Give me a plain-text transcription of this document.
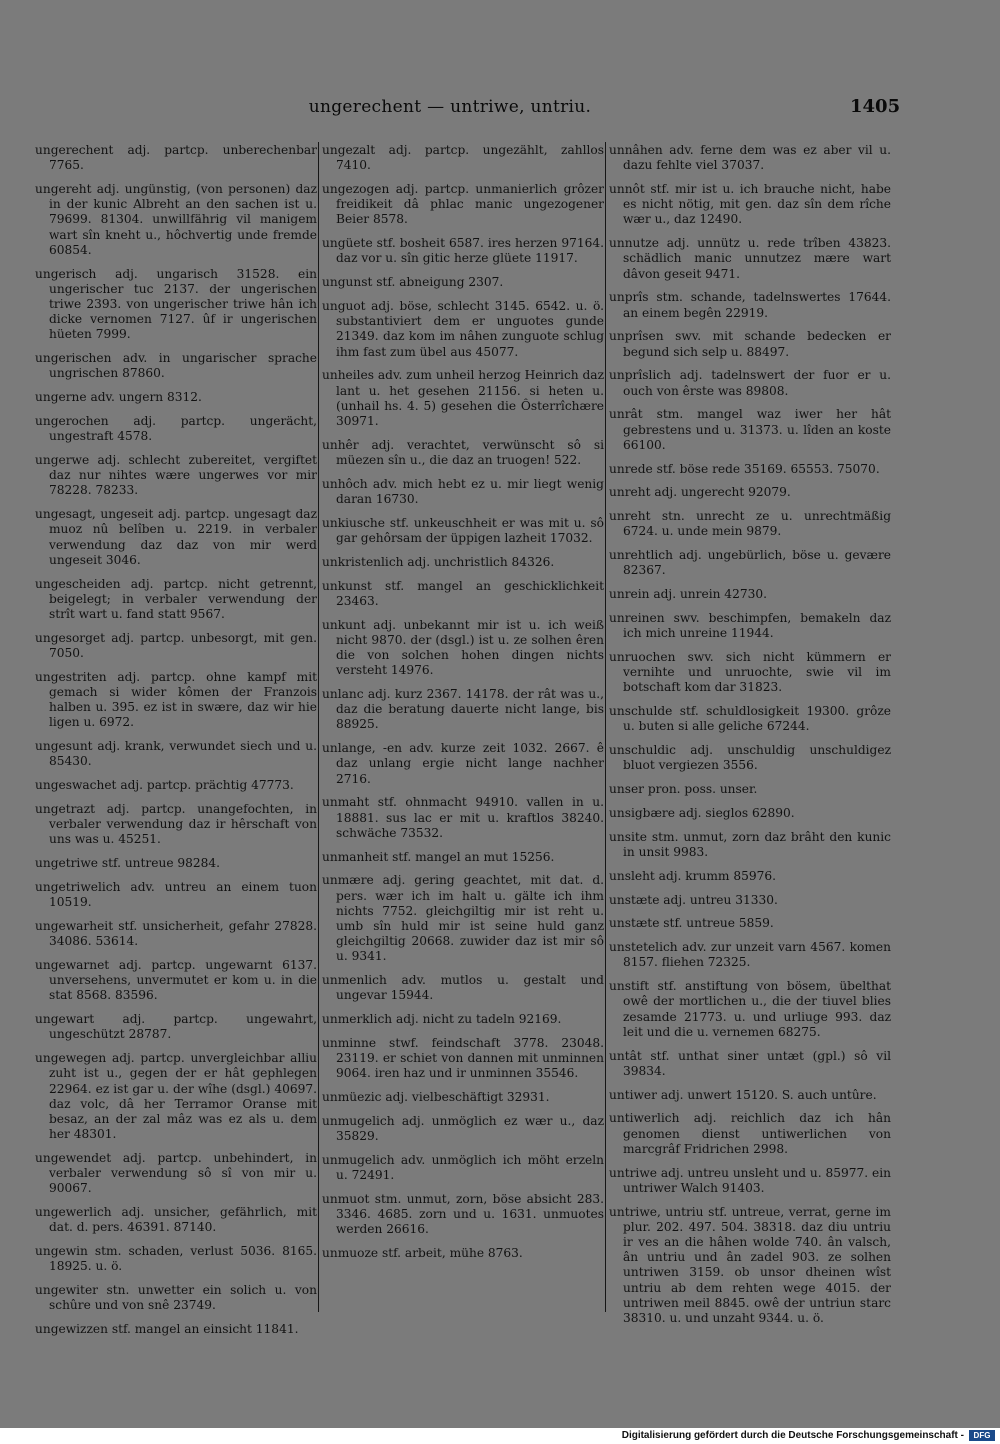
ungerechent — untriwe, untriu.	1405
ungerechent adj. partcp. unberechenbar 7765.
ungereht adj. ungünstig, (von personen) daz in der kunic Albreht an den sachen ist u. 79699. 81304. unwillfährig vil manigem wart sîn kneht u., hôchvertig unde fremde 60854.
ungerisch adj. ungarisch 31528. ein ungerischer tuc 2137. der ungerischen triwe 2393. von ungerischer triwe hân ich dicke vernomen 7127. ûf ir ungerischen hüeten 7999.
ungerischen adv. in ungarischer sprache ungrischen 87860.
ungerne adv. ungern 8312.
ungerochen adj. partcp. ungerächt, ungestraft 4578.
ungerwe adj. schlecht zubereitet, vergiftet daz nur nihtes wære ungerwes vor mir 78228. 78233.
ungesagt, ungeseit adj. partcp. ungesagt daz muoz nû belîben u. 2219. in verbaler verwendung daz daz von mir werd ungeseit 3046.
ungescheiden adj. partcp. nicht getrennt, beigelegt; in verbaler verwendung der strît wart u. fand statt 9567.
ungesorget adj. partcp. unbesorgt, mit gen. 7050.
ungestriten adj. partcp. ohne kampf mit gemach si wider kômen der Franzois halben u. 395. ez ist in swære, daz wir hie ligen u. 6972.
ungesunt adj. krank, verwundet siech und u. 85430.
ungeswachet adj. partcp. prächtig 47773.
ungetrazt adj. partcp. unangefochten, in verbaler verwendung daz ir hêrschaft von uns was u. 45251.
ungetriwe stf. untreue 98284.
ungetriwelich adv. untreu an einem tuon 10519.
ungewarheit stf. unsicherheit, gefahr 27828. 34086. 53614.
ungewarnet adj. partcp. ungewarnt 6137. unversehens, unvermutet er kom u. in die stat 8568. 83596.
ungewart adj. partcp. ungewahrt, ungeschützt 28787.
ungewegen adj. partcp. unvergleichbar alliu zuht ist u., gegen der er hât gephlegen 22964. ez ist gar u. der wîhe (dsgl.) 40697. daz volc, dâ her Terramor Oranse mit besaz, an der zal mâz was ez als u. dem her 48301.
ungewendet adj. partcp. unbehindert, in verbaler verwendung sô sî von mir u. 90067.
ungewerlich adj. unsicher, gefährlich, mit dat. d. pers. 46391. 87140.
ungewin stm. schaden, verlust 5036. 8165. 18925. u. ö.
ungewiter stn. unwetter ein solich u. von schûre und von snê 23749.
ungewizzen stf. mangel an einsicht 11841.
ungezalt adj. partcp. ungezählt, zahllos 7410.
ungezogen adj. partcp. unmanierlich grôzer freidikeit dâ phlac manic ungezogener Beier 8578.
ungüete stf. bosheit 6587. ires herzen 97164. daz vor u. sîn gitic herze glüete 11917.
ungunst stf. abneigung 2307.
unguot adj. böse, schlecht 3145. 6542. u. ö. substantiviert dem er unguotes gunde 21349. daz kom im nâhen zunguote schlug ihm fast zum übel aus 45077.
unheiles adv. zum unheil herzog Heinrich daz lant u. het gesehen 21156. si heten u. (unhail hs. 4. 5) gesehen die Ôsterrîchære 30971.
unhêr adj. verachtet, verwünscht sô si müezen sîn u., die daz an truogen! 522.
unhôch adv. mich hebt ez u. mir liegt wenig daran 16730.
unkiusche stf. unkeuschheit er was mit u. sô gar gehôrsam der üppigen lazheit 17032.
unkristenlich adj. unchristlich 84326.
unkunst stf. mangel an geschicklichkeit 23463.
unkunt adj. unbekannt mir ist u. ich weiß nicht 9870. der (dsgl.) ist u. ze solhen êren die von solchen hohen dingen nichts versteht 14976.
unlanc adj. kurz 2367. 14178. der rât was u., daz die beratung dauerte nicht lange, bis 88925.
unlange, -en adv. kurze zeit 1032. 2667. ê daz unlang ergie nicht lange nachher 2716.
unmaht stf. ohnmacht 94910. vallen in u. 18881. sus lac er mit u. kraftlos 38240. schwäche 73532.
unmanheit stf. mangel an mut 15256.
unmære adj. gering geachtet, mit dat. d. pers. wær ich im halt u. gälte ich ihm nichts 7752. gleichgiltig mir ist reht u. umb sîn huld mir ist seine huld ganz gleichgiltig 20668. zuwider daz ist mir sô u. 9341.
unmenlich adv. mutlos u. gestalt und ungevar 15944.
unmerklich adj. nicht zu tadeln 92169.
unminne stwf. feindschaft 3778. 23048. 23119. er schiet von dannen mit unminnen 9064. iren haz und ir unminnen 35546.
unmüezic adj. vielbeschäftigt 32931.
unmugelich adj. unmöglich ez wær u., daz 35829.
unmugelich adv. unmöglich ich möht erzeln u. 72491.
unmuot stm. unmut, zorn, böse absicht 283. 3346. 4685. zorn und u. 1631. unmuotes werden 26616.
unmuoze stf. arbeit, mühe 8763.
unnâhen adv. ferne dem was ez aber vil u. dazu fehlte viel 37037.
unnôt stf. mir ist u. ich brauche nicht, habe es nicht nötig, mit gen. daz sîn dem rîche wær u., daz 12490.
unnutze adj. unnütz u. rede trîben 43823. schädlich manic unnutzez mære wart dâvon geseit 9471.
unprîs stm. schande, tadelnswertes 17644. an einem begên 22919.
unprîsen swv. mit schande bedecken er begund sich selp u. 88497.
unprîslich adj. tadelnswert der fuor er u. ouch von êrste was 89808.
unrât stm. mangel waz iwer her hât gebrestens und u. 31373. u. lîden an koste 66100.
unrede stf. böse rede 35169. 65553. 75070.
unreht adj. ungerecht 92079.
unreht stn. unrecht ze u. unrechtmäßig 6724. u. unde mein 9879.
unrehtlich adj. ungebürlich, böse u. gevære 82367.
unrein adj. unrein 42730.
unreinen swv. beschimpfen, bemakeln daz ich mich unreine 11944.
unruochen swv. sich nicht kümmern er vernihte und unruochte, swie vil im botschaft kom dar 31823.
unschulde stf. schuldlosigkeit 19300. grôze u. buten si alle geliche 67244.
unschuldic adj. unschuldig unschuldigez bluot vergiezen 3556.
unser pron. poss. unser.
unsigbære adj. sieglos 62890.
unsite stm. unmut, zorn daz brâht den kunic in unsit 9983.
unsleht adj. krumm 85976.
unstæte adj. untreu 31330.
unstæte stf. untreue 5859.
unstetelich adv. zur unzeit varn 4567. komen 8157. fliehen 72325.
unstift stf. anstiftung von bösem, übelthat owê der mortlichen u., die der tiuvel blies zesamde 21773. u. und urliuge 993. daz leit und die u. vernemen 68275.
untât stf. unthat siner untæt (gpl.) sô vil 39834.
untiwer adj. unwert 15120. S. auch untûre.
untiwerlich adj. reichlich daz ich hân genomen dienst untiwerlichen von marcgrâf Fridrichen 2998.
untriwe adj. untreu unsleht und u. 85977. ein untriwer Walch 91403.
untriwe, untriu stf. untreue, verrat, gerne im plur. 202. 497. 504. 38318. daz diu untriu ir ves an die hâhen wolde 740. ân valsch, ân untriu und ân zadel 903. ze solhen untriwen 3159. ob unsor dheinen wîst untriu ab dem rehten wege 4015. der untriwen meil 8845. owê der untriun starc 38310. u. und unzaht 9344. u. ö.
Digitalisierung gefördert durch die Deutsche Forschungsgemeinschaft -	DFG
